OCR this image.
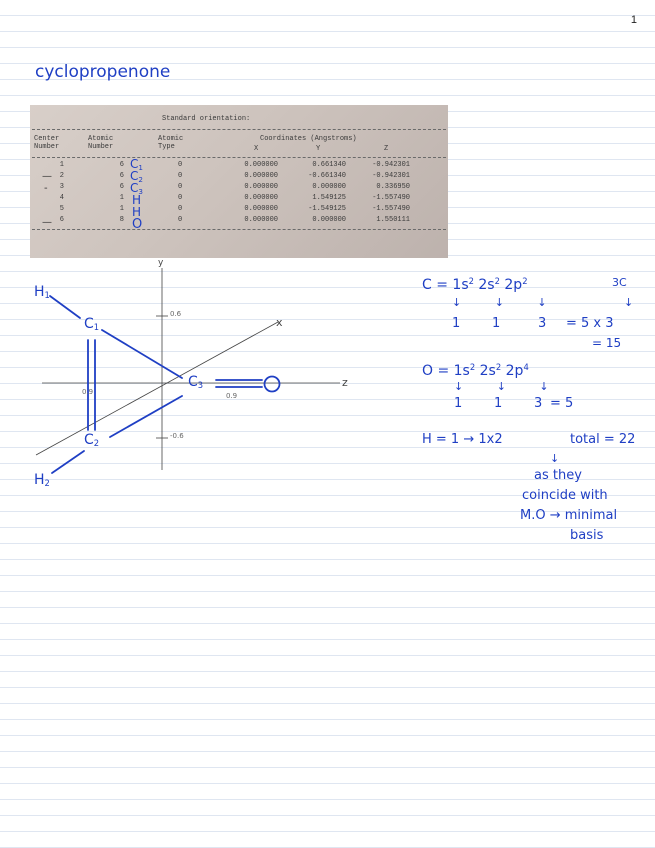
1
cyclopropenone
Standard orientation:
Center
Number
Atomic
Number
Atomic
Type
Coordinates (Angstroms)
X	Y	Z
1	6	0	0.000000	0.661340	-0.942301
2	6	0	0.000000	-0.661340	-0.942301
3	6	0	0.000000	0.000000	0.336950
4	1	0	0.000000	1.549125	-1.557490
5	1	0	0.000000	-1.549125	-1.557490
6	8	0	0.000000	0.000000	1.550111
$C_1$
$C_2$
$C_3$
H
H
O
—
-
—
y
x
z
0.6
-0.6
0.9
0.9
$H_1$
$C_1$
$C_2$
$H_2$
$C_3$
$C = 1s^2$ $2s^2$ $2p^2$	3C
↓ ↓ ↓	↓
1 1	3 = 5 x 3
= 15
$O = 1s^2$ $2s^2$ $2p^4$
↓ ↓ ↓
1 1 3 = 5
H = 1 → 1x2	total = 22
↓
as they
coincide with
M.O → minimal
basis
